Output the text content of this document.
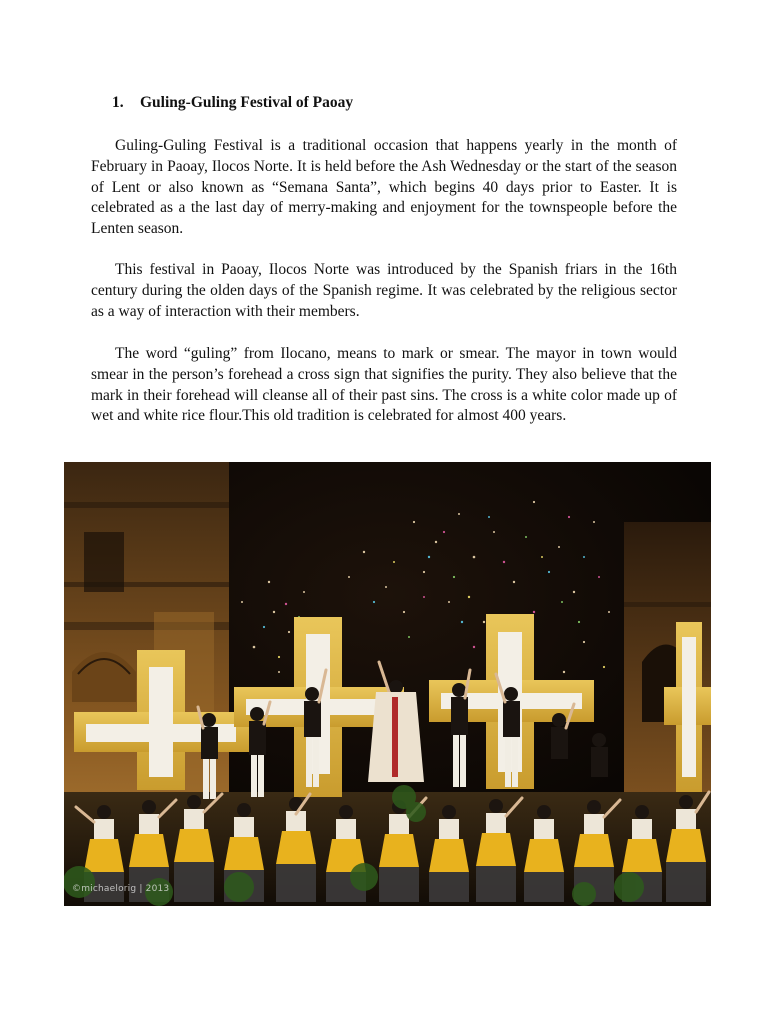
1. Guling-Guling Festival of Paoay

Guling-Guling Festival is a traditional occasion that happens yearly in the month of February in Paoay, Ilocos Norte. It is held before the Ash Wednesday or the start of the season of Lent or also known as “Semana Santa”, which begins 40 days prior to Easter. It is celebrated as a the last day of merry-making and enjoyment for the townspeople before the Lenten season.

This festival in Paoay, Ilocos Norte was introduced by the Spanish friars in the 16th century during the olden days of the Spanish regime. It was celebrated by the religious sector as a way of interaction with their members.

The word “guling” from Ilocano, means to mark or smear. The mayor in town would smear in the person’s forehead a cross sign that signifies the purity. They also believe that the mark in their forehead will cleanse all of their past sins. The cross is a white color made up of wet and white rice flour.This old tradition is celebrated for almost 400 years.

©michaelorig | 2013
